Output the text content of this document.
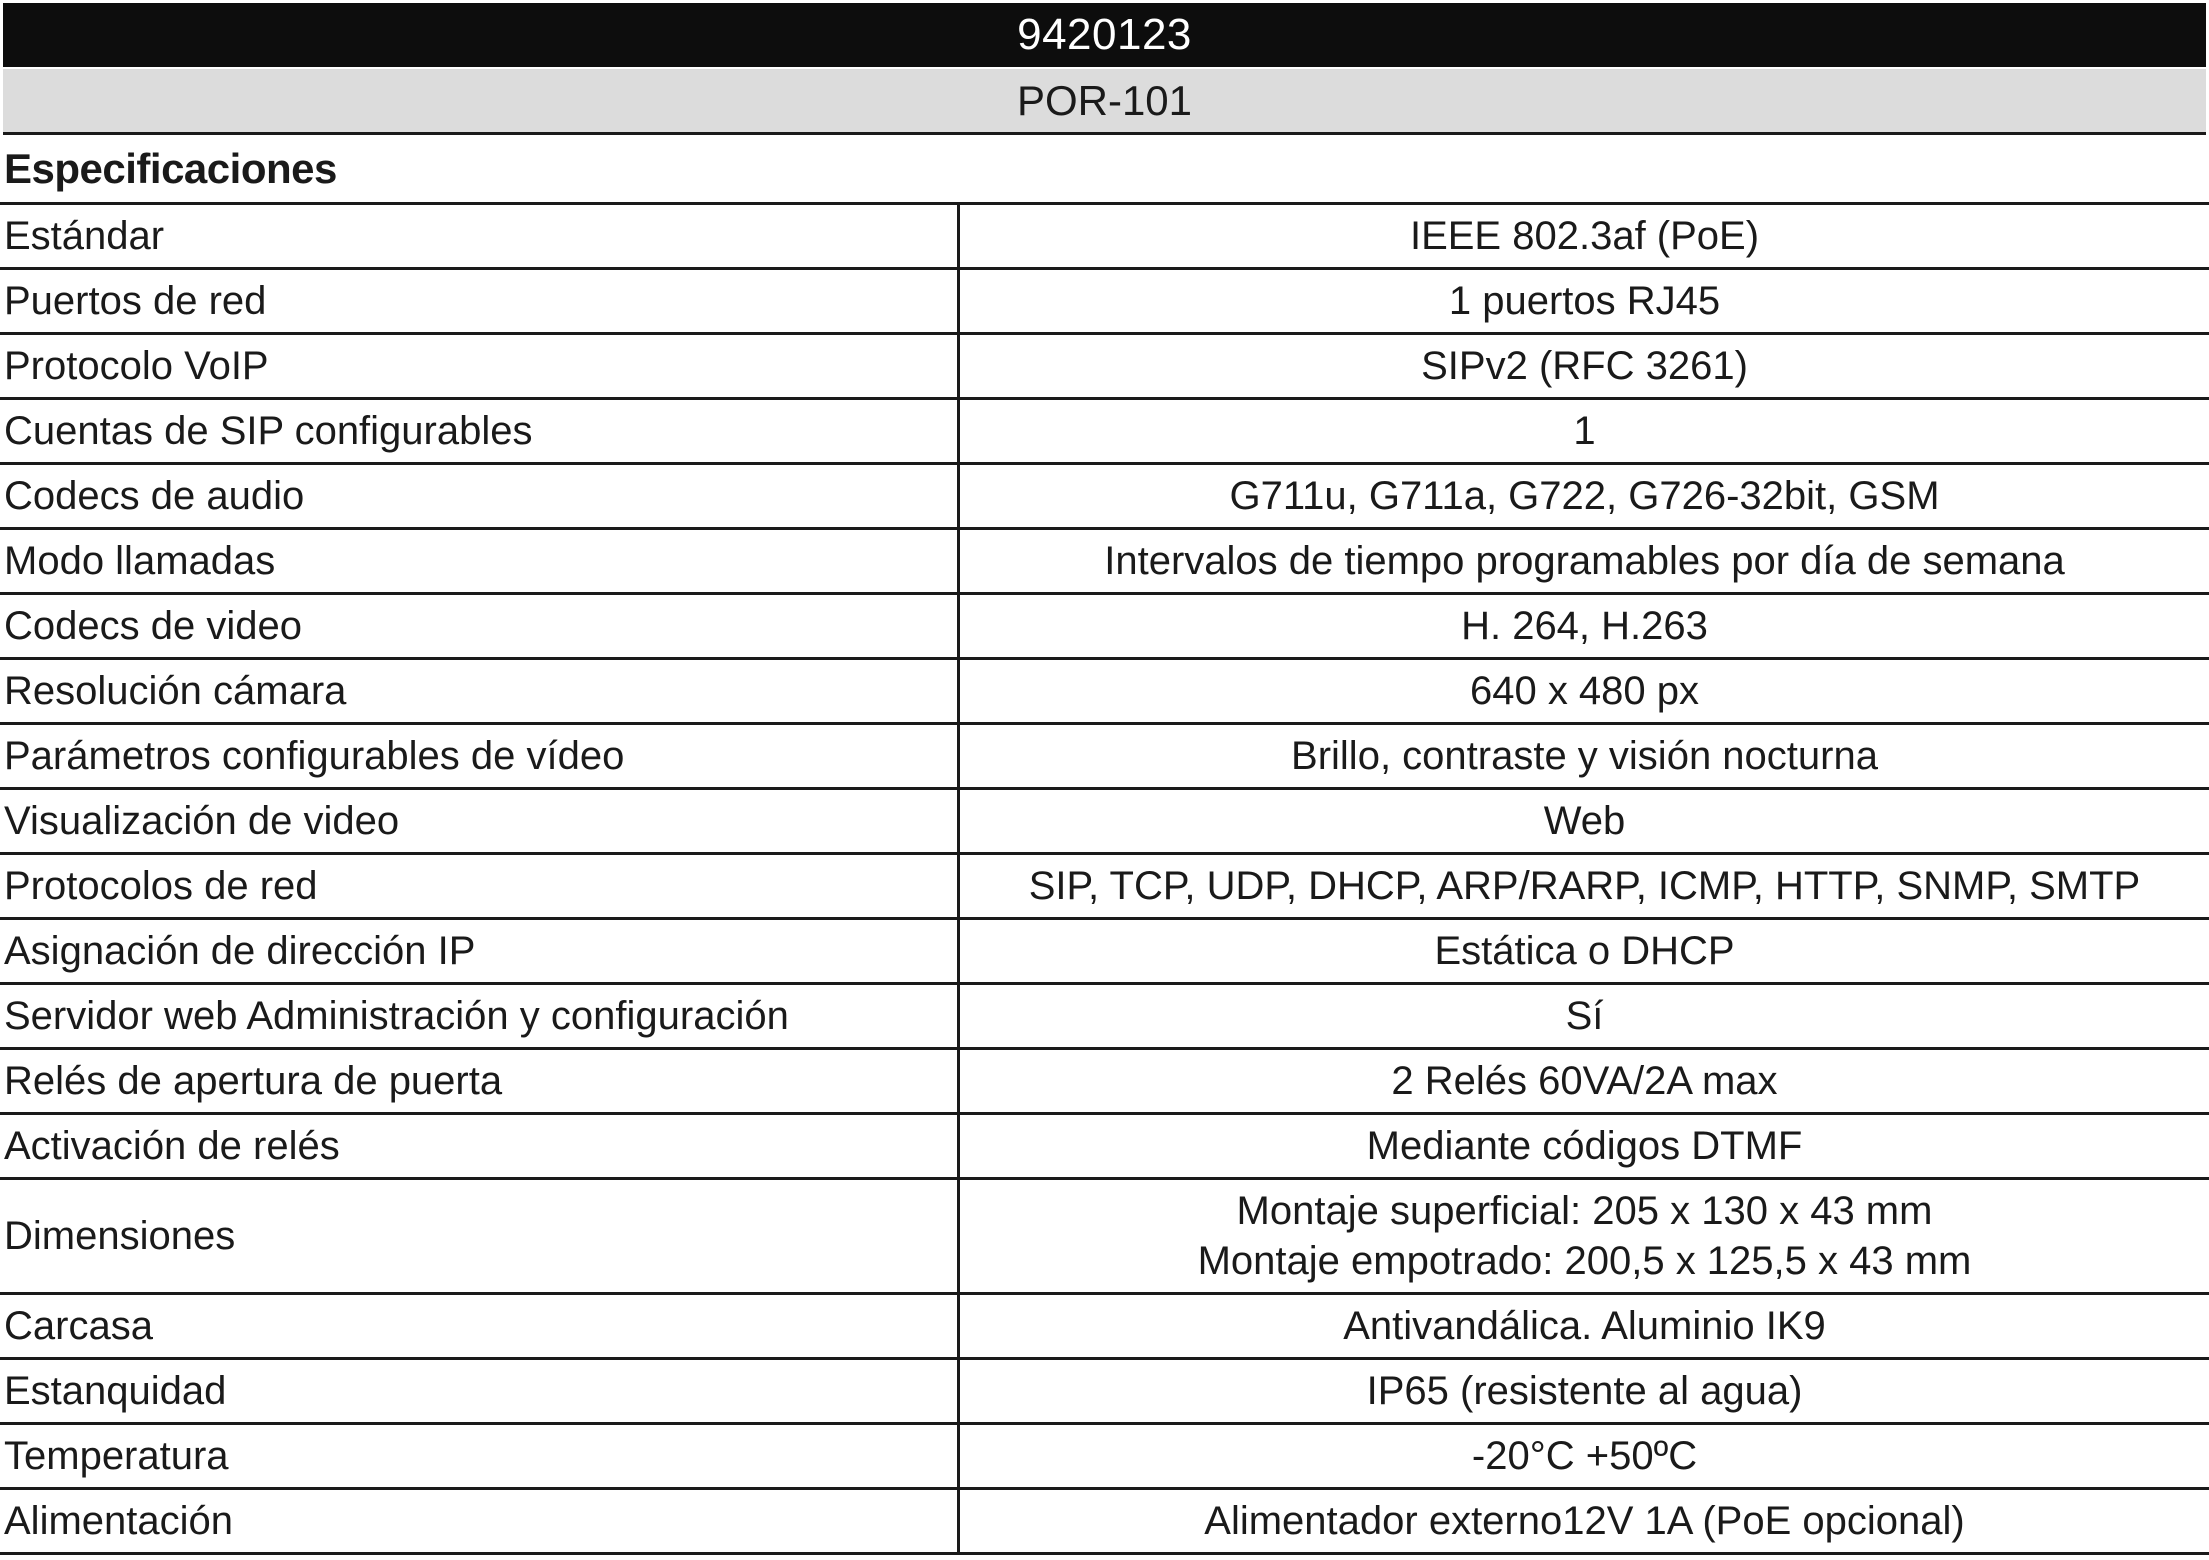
9420123
POR-101
Especificaciones
Estándar	IEEE 802.3af (PoE)
Puertos de red	1 puertos RJ45
Protocolo VoIP	SIPv2 (RFC 3261)
Cuentas de SIP configurables	1
Codecs de audio	G711u, G711a, G722, G726-32bit, GSM
Modo llamadas	Intervalos de tiempo programables por día de semana
Codecs de video	H. 264, H.263
Resolución cámara	640 x 480 px
Parámetros configurables de vídeo	Brillo, contraste y visión nocturna
Visualización de video	Web
Protocolos de red	SIP, TCP, UDP, DHCP, ARP/RARP, ICMP, HTTP, SNMP, SMTP
Asignación de dirección IP	Estática o DHCP
Servidor web Administración y configuración	Sí
Relés de apertura de puerta	2 Relés 60VA/2A max
Activación de relés	Mediante códigos DTMF
Dimensiones	Montaje superficial: 205 x 130 x 43 mm
Montaje empotrado: 200,5 x 125,5 x 43 mm

Carcasa	Antivandálica. Aluminio IK9
Estanquidad	IP65 (resistente al agua)
Temperatura	-20°C +50ºC
Alimentación	Alimentador externo12V 1A (PoE opcional)
